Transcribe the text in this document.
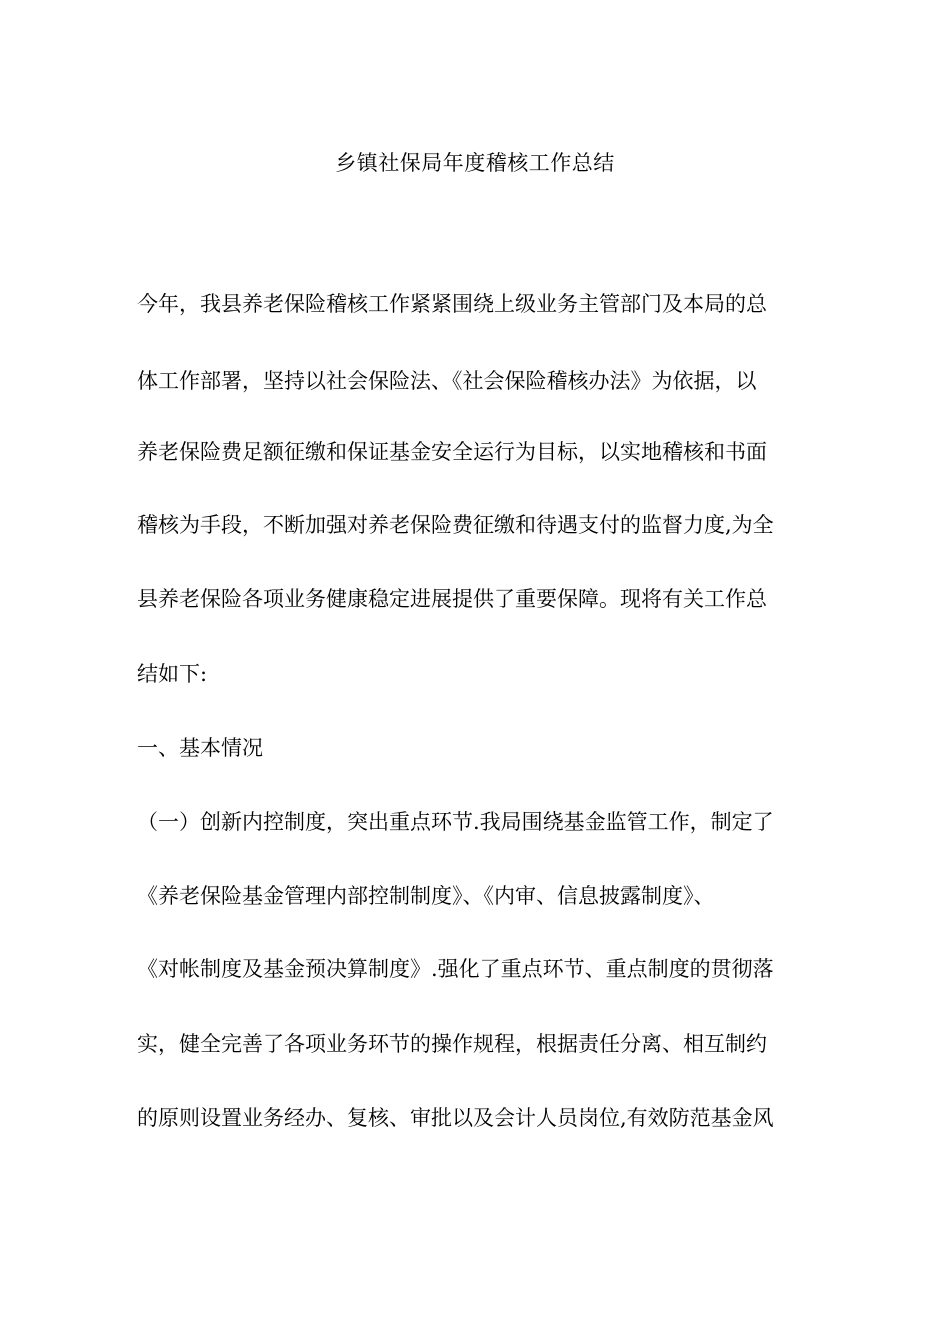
乡镇社保局年度稽核工作总结
今年，我县养老保险稽核工作紧紧围绕上级业务主管部门及本局的总
体工作部署，坚持以社会保险法、《社会保险稽核办法》为依据，以
养老保险费足额征缴和保证基金安全运行为目标，以实地稽核和书面
稽核为手段，不断加强对养老保险费征缴和待遇支付的监督力度,为全
县养老保险各项业务健康稳定进展提供了重要保障。现将有关工作总
结如下:
一、基本情况
（一）创新内控制度，突出重点环节.我局围绕基金监管工作，制定了
《养老保险基金管理内部控制制度》、《内审、信息披露制度》、
《对帐制度及基金预决算制度》.强化了重点环节、重点制度的贯彻落
实，健全完善了各项业务环节的操作规程，根据责任分离、相互制约
的原则设置业务经办、复核、审批以及会计人员岗位,有效防范基金风
